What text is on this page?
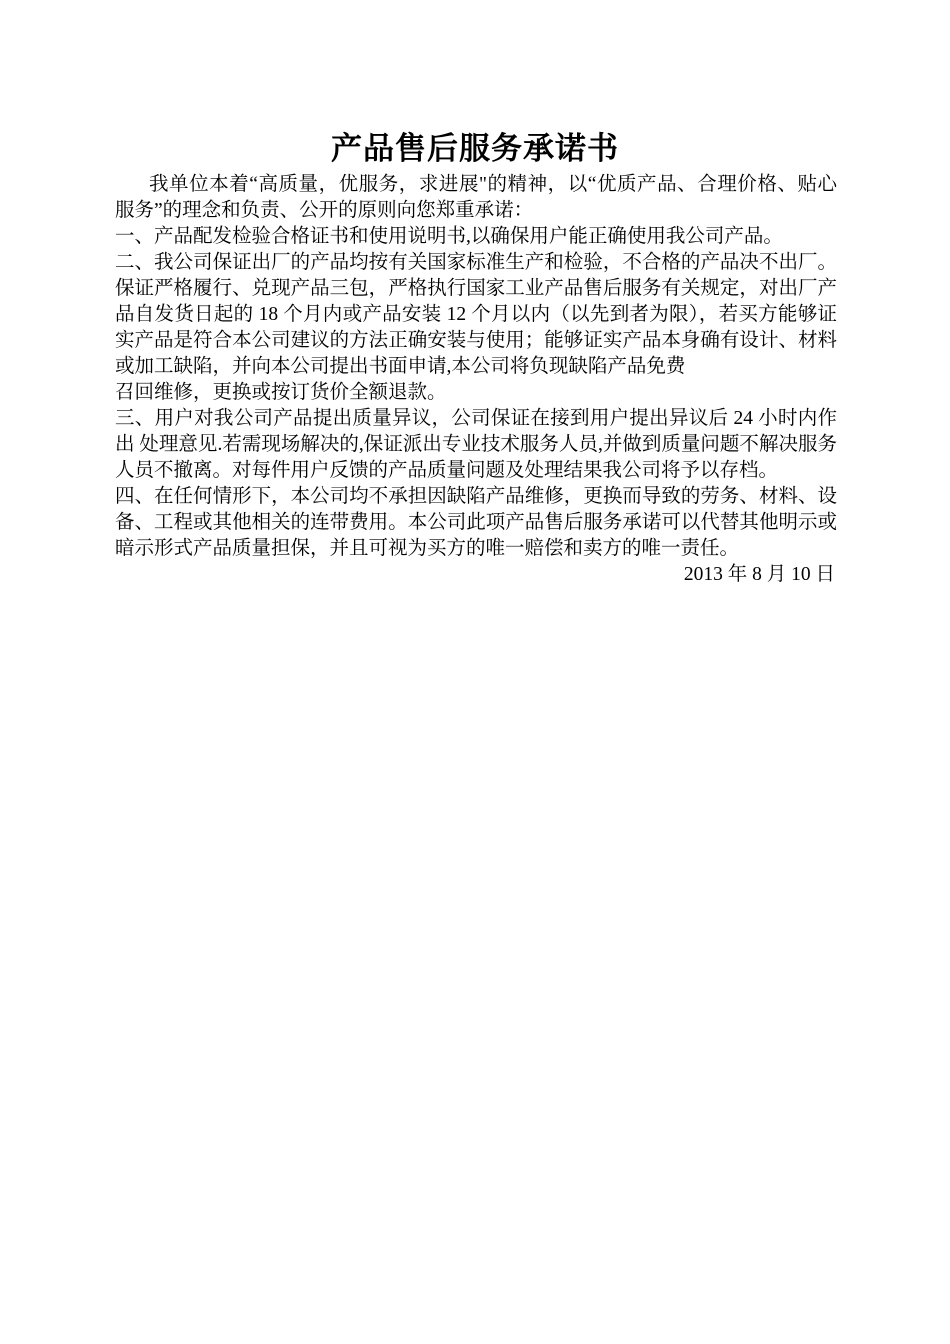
产品售后服务承诺书

我单位本着“高质量，优服务，求进展"的精神，以“优质产品、合理价格、贴心服务”的理念和负责、公开的原则向您郑重承诺：

一、产品配发检验合格证书和使用说明书,以确保用户能正确使用我公司产品。

二、我公司保证出厂的产品均按有关国家标准生产和检验，不合格的产品决不出厂。 保证严格履行、兑现产品三包，严格执行国家工业产品售后服务有关规定，对出厂产品自发货日起的 18 个月内或产品安装 12 个月以内（以先到者为限），若买方能够证实产品是符合本公司建议的方法正确安装与使用；能够证实产品本身确有设计、材料或加工缺陷，并向本公司提出书面申请,本公司将负现缺陷产品免费

召回维修，更换或按订货价全额退款。

三、用户对我公司产品提出质量异议，公司保证在接到用户提出异议后 24 小时内作出 处理意见.若需现场解决的,保证派出专业技术服务人员,并做到质量问题不解决服务人员不撤离。对每件用户反馈的产品质量问题及处理结果我公司将予以存档。

四、在任何情形下，本公司均不承担因缺陷产品维修，更换而导致的劳务、材料、设 备、工程或其他相关的连带费用。本公司此项产品售后服务承诺可以代替其他明示或暗示形式产品质量担保，并且可视为买方的唯一赔偿和卖方的唯一责任。

2013 年 8 月 10 日
